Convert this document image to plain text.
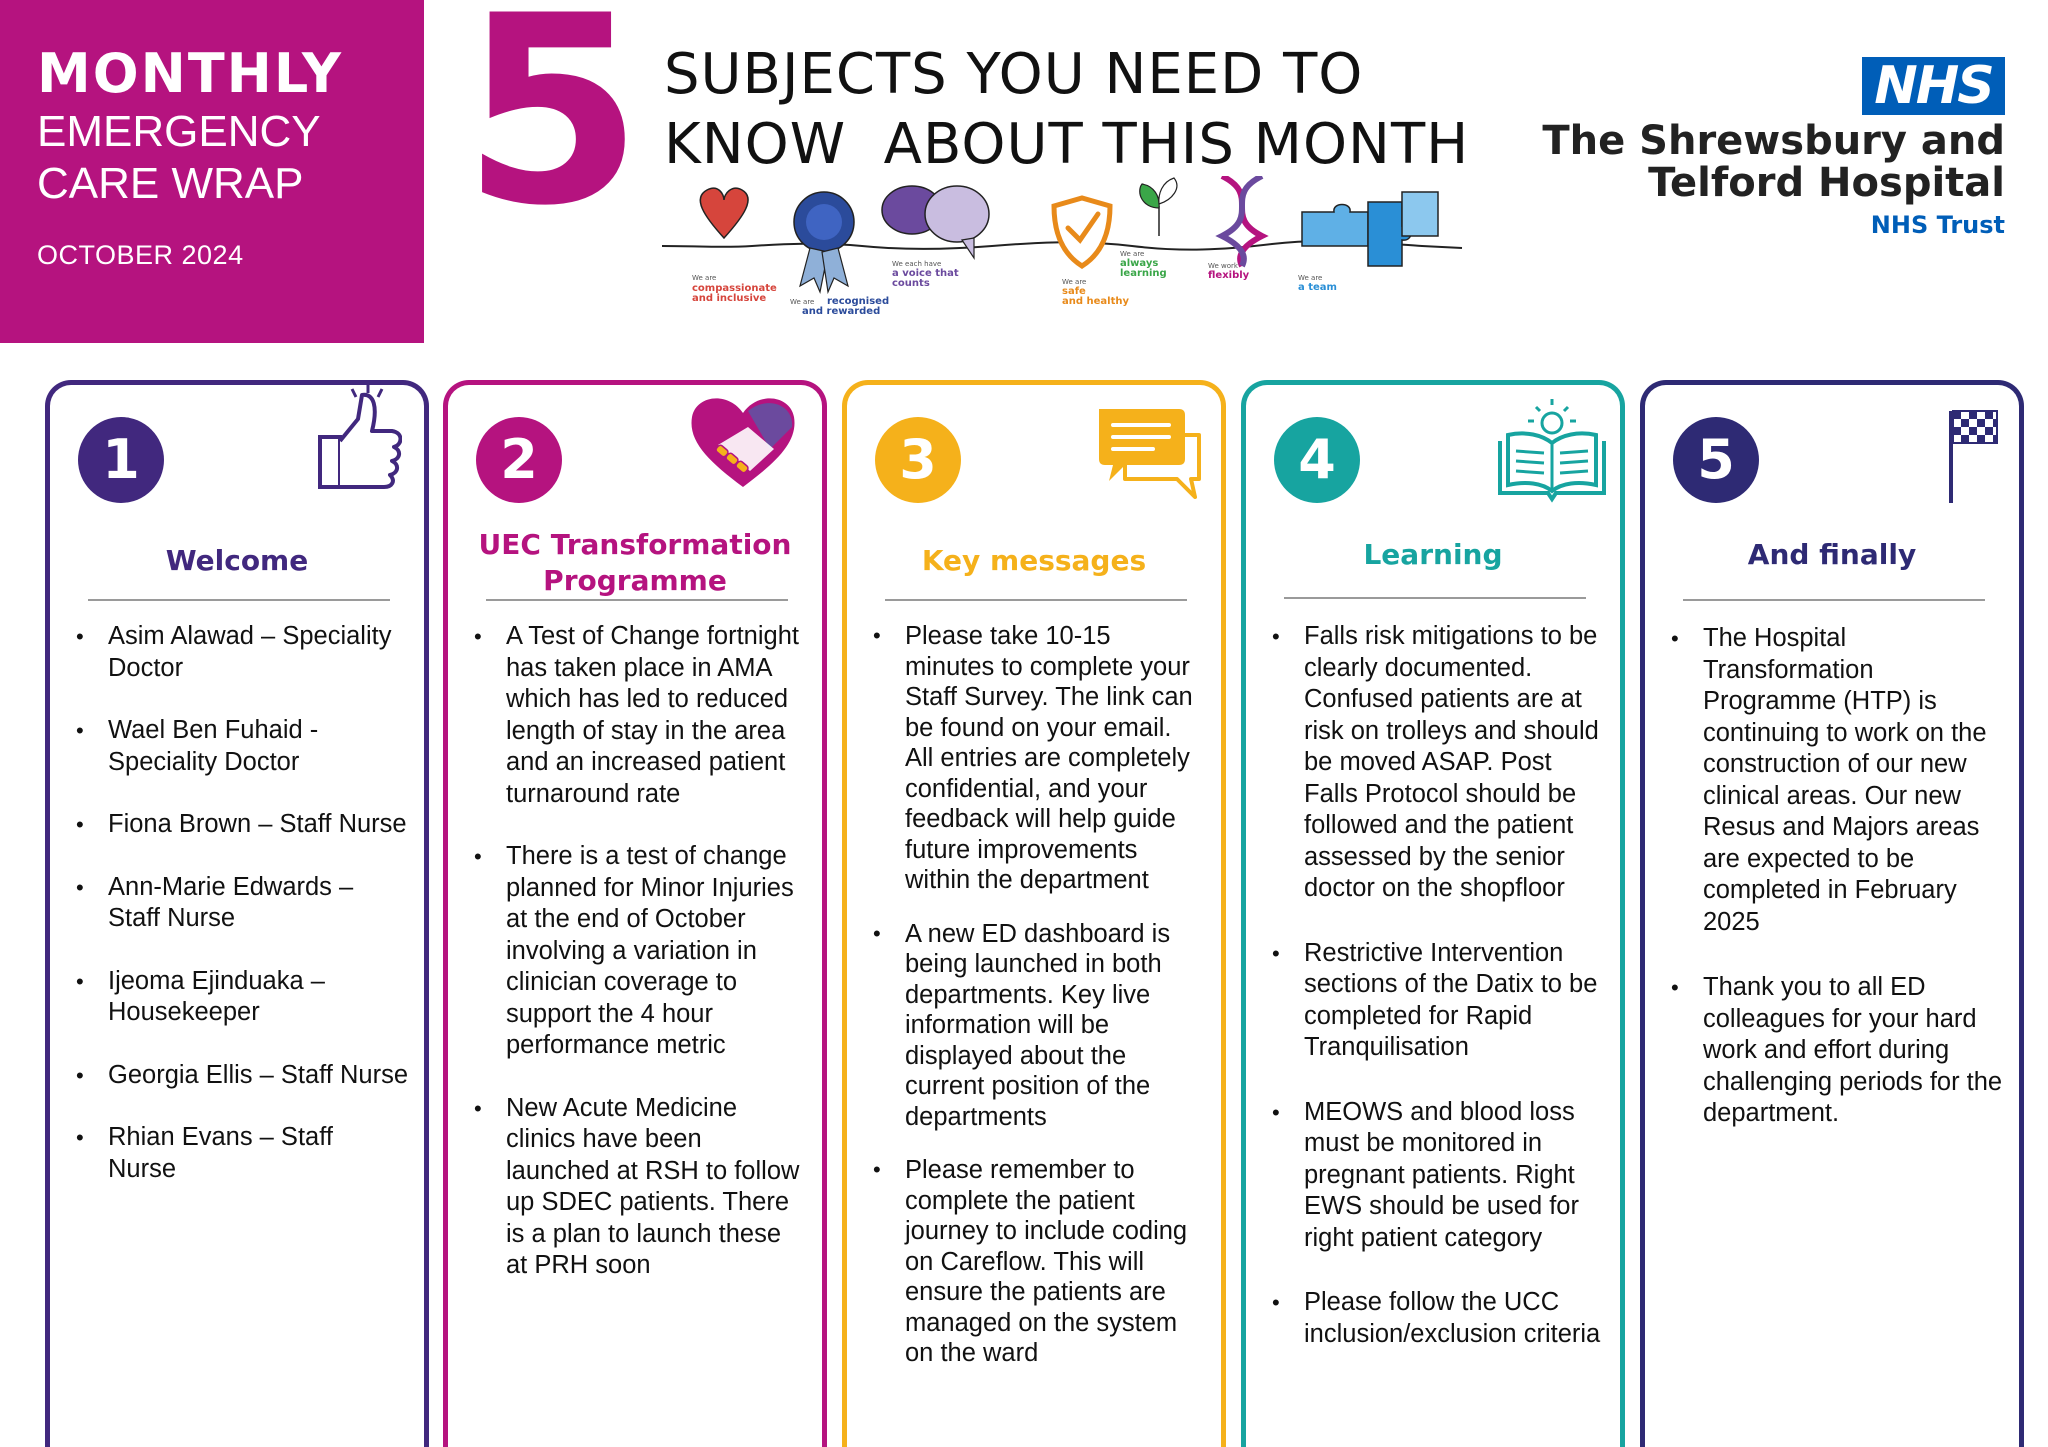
MONTHLY
EMERGENCY
CARE WRAP
OCTOBER 2024 5 SUBJECTS YOU NEED TO
KNOW  ABOUT THIS MONTH
We are compassionate and inclusive	We are recognised and rewarded
We each have a voice that counts	We are safe and healthy
We are always learning
We work flexibly	We are a team
NHS
The Shrewsbury and
Telford Hospital
NHS Trust
1
Welcome
• Asim Alawad – Speciality Doctor
• Wael Ben Fuhaid - Speciality Doctor
• Fiona Brown – Staff Nurse
• Ann-Marie Edwards – Staff Nurse
• Ijeoma Ejinduaka – Housekeeper
• Georgia Ellis – Staff Nurse
• Rhian Evans – Staff Nurse
2
UEC Transformation
Programme
• A Test of Change fortnight has taken place in AMA which has led to reduced length of stay in the area and an increased patient turnaround rate
• There is a test of change planned for Minor Injuries at the end of October involving a variation in clinician coverage to support the 4 hour performance metric
• New Acute Medicine clinics have been launched at RSH to follow up SDEC patients. There is a plan to launch these at PRH soon
3
Key messages
• Please take 10-15 minutes to complete your Staff Survey. The link can be found on your email. All entries are completely confidential, and your feedback will help guide future improvements within the department
• A new ED dashboard is being launched in both departments. Key live information will be displayed about the current position of the departments
• Please remember to complete the patient journey to include coding on Careflow. This will ensure the patients are managed on the system on the ward
4
Learning
• Falls risk mitigations to be clearly documented. Confused patients are at risk on trolleys and should be moved ASAP. Post Falls Protocol should be followed and the patient assessed by the senior doctor on the shopfloor
• Restrictive Intervention sections of the Datix to be completed for Rapid Tranquilisation
• MEOWS and blood loss must be monitored in pregnant patients. Right EWS should be used for right patient category
• Please follow the UCC inclusion/exclusion criteria
5
And finally
• The Hospital Transformation Programme (HTP) is continuing to work on the construction of our new clinical areas. Our new Resus and Majors areas are expected to be completed in February 2025
• Thank you to all ED colleagues for your hard work and effort during challenging periods for the department.
